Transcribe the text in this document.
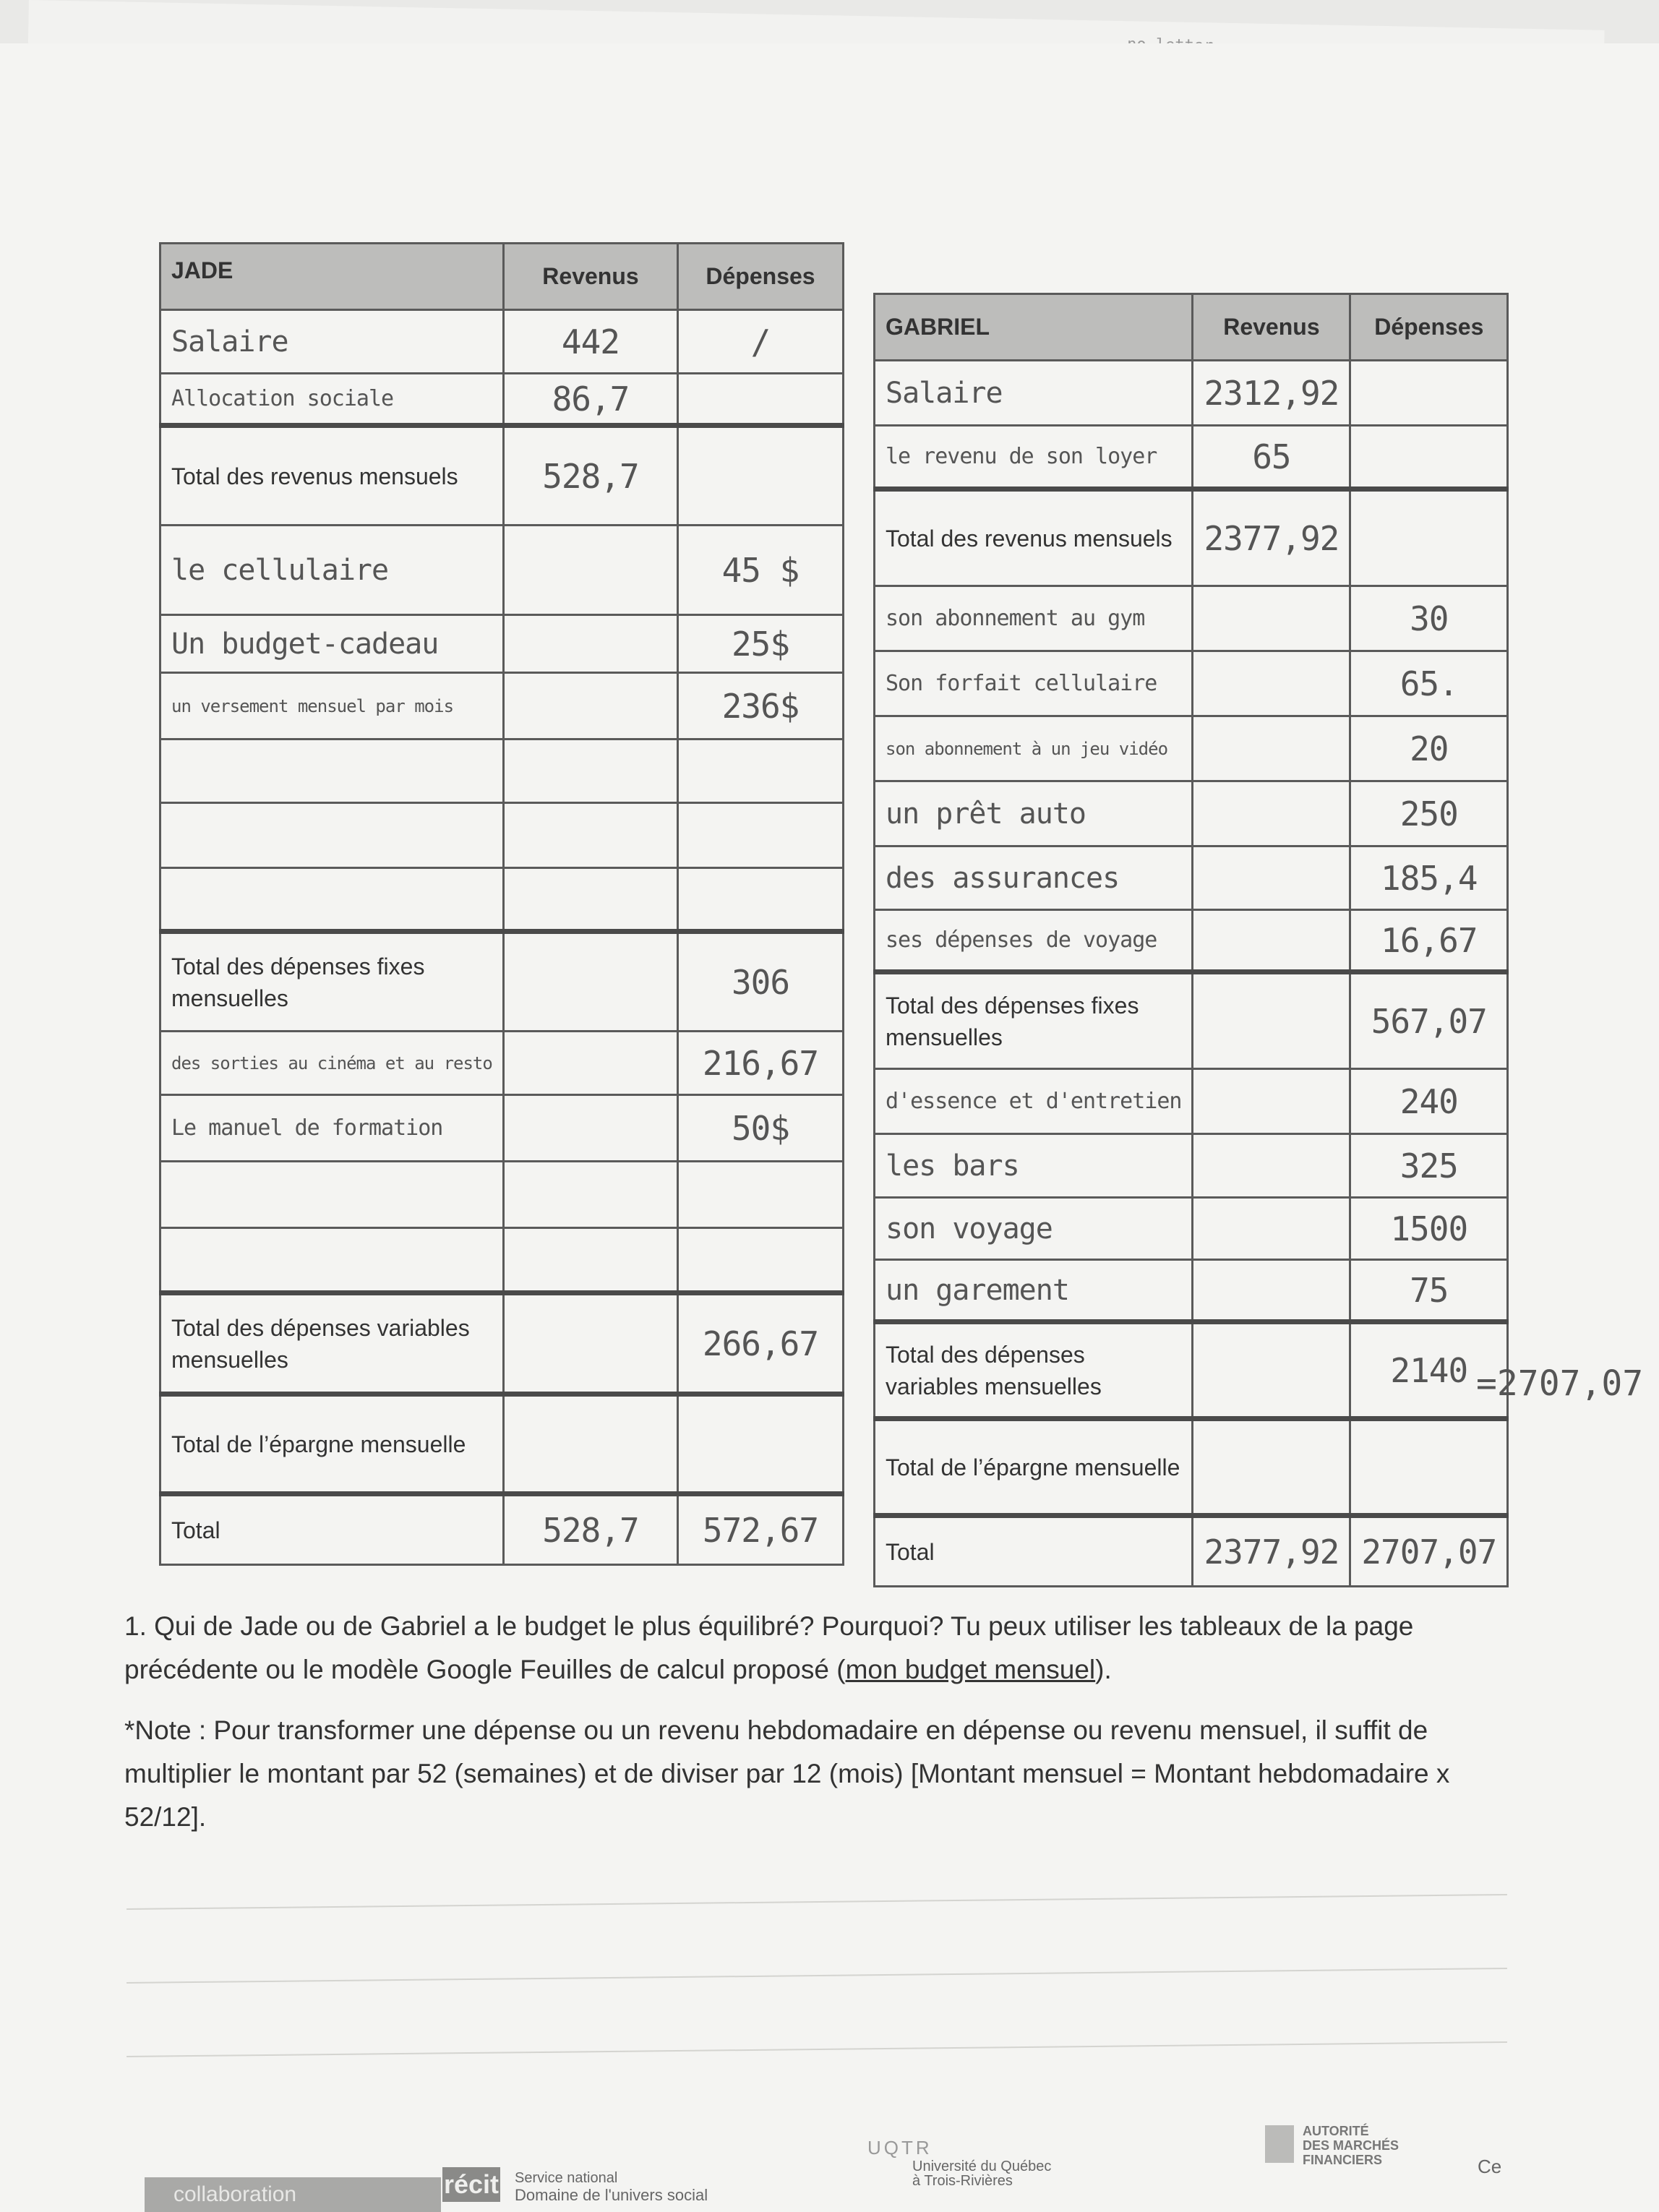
JADE	Revenus	Dépenses

Salaire	442	/

Allocation sociale	86,7	

Total des revenus mensuels	528,7	

le cellulaire		45 $

Un budget-cadeau		25$

un versement mensuel par mois		236$

Total des dépenses fixes mensuelles		306

des sorties au cinéma et au resto		216,67

Le manuel de formation		50$

Total des dépenses variables mensuelles		266,67

Total de l’épargne mensuelle	

Total	528,7	572,67
GABRIEL	Revenus	Dépenses

Salaire	2312,92	

le revenu de son loyer	65	

Total des revenus mensuels	2377,92	

son abonnement au gym		30

Son forfait cellulaire		65.

son abonnement à un jeu vidéo		20

un prêt auto		250

des assurances		185,4

ses dépenses de voyage		16,67

Total des dépenses fixes mensuelles		567,07

d'essence et d'entretien		240

les bars		325

son voyage		1500

un garement		75

Total des dépenses variables mensuelles		2140

Total de l’épargne mensuelle	

Total	2377,92	2707,07
=2707,07
1. Qui de Jade ou de Gabriel a le budget le plus équilibré? Pourquoi? Tu peux utiliser les tableaux de la page précédente ou le modèle Google Feuilles de calcul proposé (mon budget mensuel).
*Note : Pour transformer une dépense ou un revenu hebdomadaire en dépense ou revenu mensuel, il suffit de multiplier le montant par 52 (semaines) et de diviser par 12 (mois) [Montant mensuel = Montant hebdomadaire x 52/12].
collaboration	récit Service national
Domaine de l'univers social
UQTR
Université du Québec
à Trois-Rivières
AUTORITÉ
DES MARCHÉS
FINANCIERS	Ce
